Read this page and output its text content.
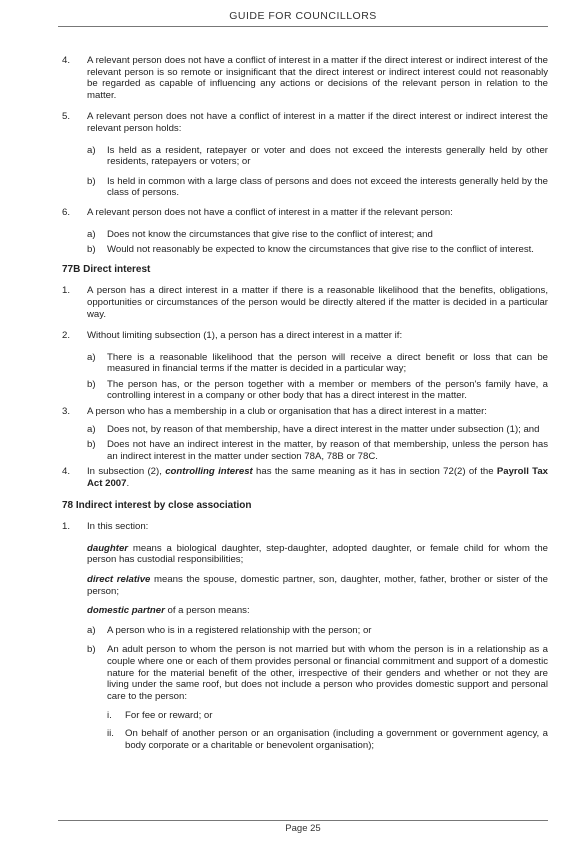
GUIDE FOR COUNCILLORS
4.	A relevant person does not have a conflict of interest in a matter if the direct interest or indirect interest of the relevant person is so remote or insignificant that the direct interest or indirect interest could not reasonably be regarded as capable of influencing any actions or decisions of the relevant person in relation to the matter.
5.	A relevant person does not have a conflict of interest in a matter if the direct interest or indirect interest the relevant person holds:
a)	Is held as a resident, ratepayer or voter and does not exceed the interests generally held by other residents, ratepayers or voters; or
b)	Is held in common with a large class of persons and does not exceed the interests generally held by the class of persons.
6.	A relevant person does not have a conflict of interest in a matter if the relevant person:
a)	Does not know the circumstances that give rise to the conflict of interest; and
b)	Would not reasonably be expected to know the circumstances that give rise to the conflict of interest.
77B Direct interest
1.	A person has a direct interest in a matter if there is a reasonable likelihood that the benefits, obligations, opportunities or circumstances of the person would be directly altered if the matter is decided in a particular way.
2.	Without limiting subsection (1), a person has a direct interest in a matter if:
a)	There is a reasonable likelihood that the person will receive a direct benefit or loss that can be measured in financial terms if the matter is decided in a particular way;
b)	The person has, or the person together with a member or members of the person's family have, a controlling interest in a company or other body that has a direct interest in the matter.
3.	A person who has a membership in a club or organisation that has a direct interest in a matter:
a)	Does not, by reason of that membership, have a direct interest in the matter under subsection (1); and
b)	Does not have an indirect interest in the matter, by reason of that membership, unless the person has an indirect interest in the matter under section 78A, 78B or 78C.
4.	In subsection (2), controlling interest has the same meaning as it has in section 72(2) of the Payroll Tax Act 2007.
78 Indirect interest by close association
1.	In this section:
daughter means a biological daughter, step-daughter, adopted daughter, or female child for whom the person has custodial responsibilities;
direct relative means the spouse, domestic partner, son, daughter, mother, father, brother or sister of the person;
domestic partner of a person means:
a)	A person who is in a registered relationship with the person; or
b)	An adult person to whom the person is not married but with whom the person is in a relationship as a couple where one or each of them provides personal or financial commitment and support of a domestic nature for the material benefit of the other, irrespective of their genders and whether or not they are living under the same roof, but does not include a person who provides domestic support and personal care to the person:
i.	For fee or reward; or
ii.	On behalf of another person or an organisation (including a government or government agency, a body corporate or a charitable or benevolent organisation);
Page 25
